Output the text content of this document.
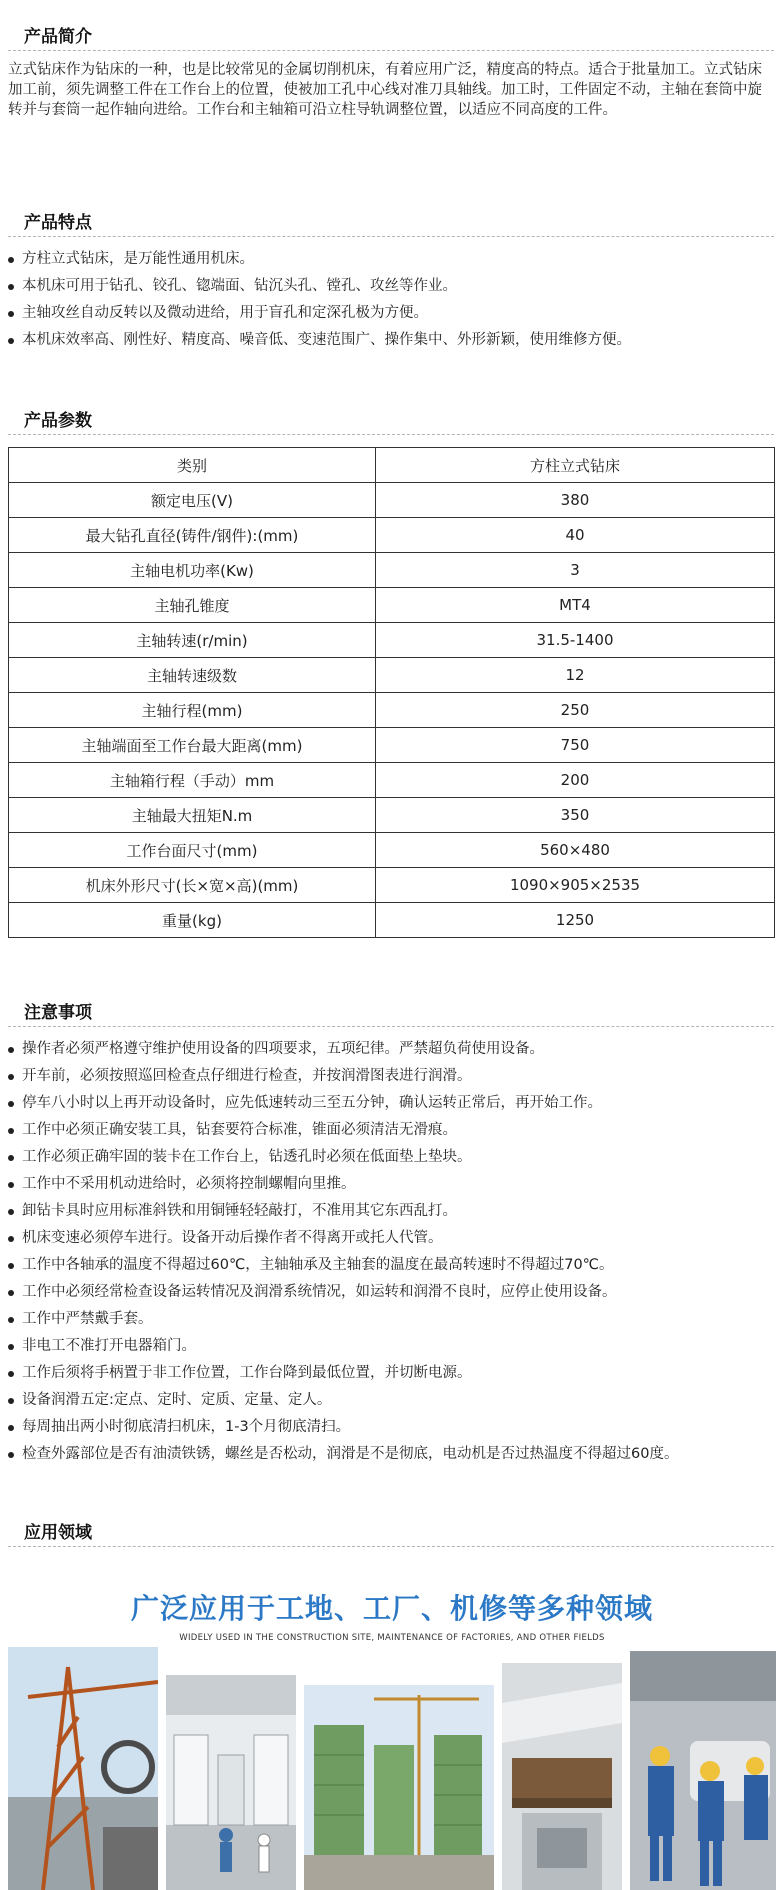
产品简介
立式钻床作为钻床的一种，也是比较常见的金属切削机床，有着应用广泛，精度高的特点。适合于批量加工。立式钻床加工前，须先调整工件在工作台上的位置，使被加工孔中心线对准刀具轴线。加工时，工件固定不动，主轴在套筒中旋转并与套筒一起作轴向进给。工作台和主轴箱可沿立柱导轨调整位置，以适应不同高度的工件。
产品特点
方柱立式钻床，是万能性通用机床。
本机床可用于钻孔、铰孔、锪端面、钻沉头孔、镗孔、攻丝等作业。
主轴攻丝自动反转以及微动进给，用于盲孔和定深孔极为方便。
本机床效率高、刚性好、精度高、噪音低、变速范围广、操作集中、外形新颖，使用维修方便。
产品参数
类别	方柱立式钻床
额定电压(V)	380
最大钻孔直径(铸件/钢件):(mm)	40
主轴电机功率(Kw)	3
主轴孔锥度	MT4
主轴转速(r/min)	31.5-1400
主轴转速级数	12
主轴行程(mm)	250
主轴端面至工作台最大距离(mm)	750
主轴箱行程（手动）mm	200
主轴最大扭矩N.m	350
工作台面尺寸(mm)	560×480
机床外形尺寸(长×宽×高)(mm)	1090×905×2535
重量(kg)	1250
注意事项
操作者必须严格遵守维护使用设备的四项要求，五项纪律。严禁超负荷使用设备。
开车前，必须按照巡回检查点仔细进行检查，并按润滑图表进行润滑。
停车八小时以上再开动设备时，应先低速转动三至五分钟，确认运转正常后，再开始工作。
工作中必须正确安装工具，钻套要符合标准，锥面必须清洁无滑痕。
工作必须正确牢固的装卡在工作台上，钻透孔时必须在低面垫上垫块。
工作中不采用机动进给时，必须将控制螺帽向里推。
卸钻卡具时应用标准斜铁和用铜锤轻轻敲打，不准用其它东西乱打。
机床变速必须停车进行。设备开动后操作者不得离开或托人代管。
工作中各轴承的温度不得超过60℃，主轴轴承及主轴套的温度在最高转速时不得超过70℃。
工作中必须经常检查设备运转情况及润滑系统情况，如运转和润滑不良时，应停止使用设备。
工作中严禁戴手套。
非电工不准打开电器箱门。
工作后须将手柄置于非工作位置，工作台降到最低位置，并切断电源。
设备润滑五定:定点、定时、定质、定量、定人。
每周抽出两小时彻底清扫机床，1-3个月彻底清扫。
检查外露部位是否有油渍铁锈，螺丝是否松动，润滑是不是彻底，电动机是否过热温度不得超过60度。
应用领域
广泛应用于工地、工厂、机修等多种领域
WIDELY USED IN THE CONSTRUCTION SITE, MAINTENANCE OF FACTORIES, AND OTHER FIELDS
